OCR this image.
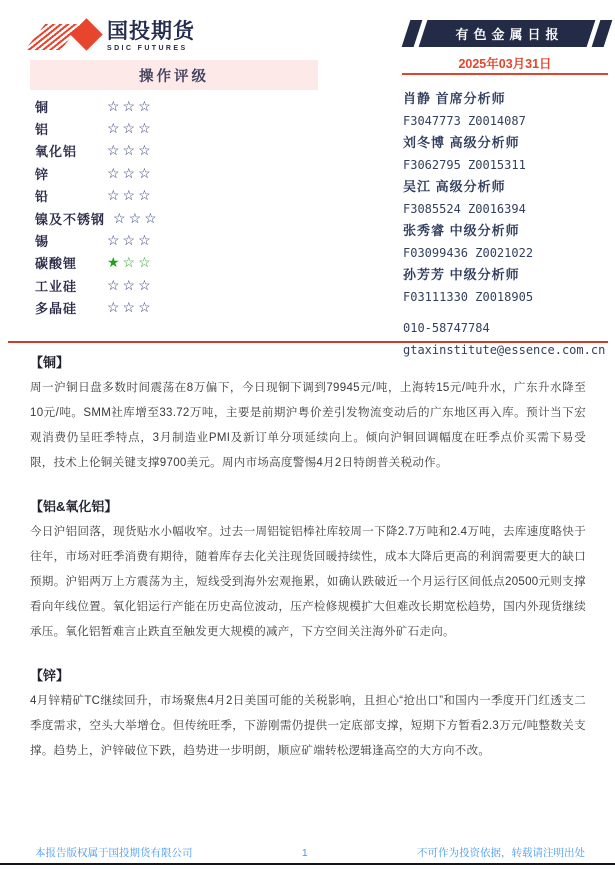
国投期货
SDIC FUTURES
有色金属日报
2025年03月31日
操作评级
铜	☆☆☆
铝	☆☆☆
氧化铝	☆☆☆
锌	☆☆☆
铅	☆☆☆
镍及不锈钢 ☆☆☆
锡	☆☆☆
碳酸锂	★☆☆
工业硅	☆☆☆
多晶硅	☆☆☆
肖静 首席分析师
F3047773 Z0014087
刘冬博 高级分析师
F3062795 Z0015311
吴江 高级分析师
F3085524 Z0016394
张秀睿 中级分析师
F03099436 Z0021022
孙芳芳 中级分析师
F03111330 Z0018905
010-58747784
gtaxinstitute@essence.com.cn
【铜】

周一沪铜日盘多数时间震荡在8万偏下，今日现铜下调到79945元/吨，上海转15元/吨升水，广东升水降至10元/吨。SMM社库增至33.72万吨，主要是前期沪粤价差引发物流变动后的广东地区再入库。预计当下宏观消费仍呈旺季特点，3月制造业PMI及新订单分项延续向上。倾向沪铜回调幅度在旺季点价买需下易受限，技术上伦铜关键支撑9700美元。周内市场高度警惕4月2日特朗普关税动作。

【铝&氧化铝】

今日沪铝回落，现货贴水小幅收窄。过去一周铝锭铝棒社库较周一下降2.7万吨和2.4万吨，去库速度略快于往年，市场对旺季消费有期待，随着库存去化关注现货回暖持续性，成本大降后更高的利润需要更大的缺口预期。沪铝两万上方震荡为主，短线受到海外宏观拖累，如确认跌破近一个月运行区间低点20500元则支撑看向年线位置。氧化铝运行产能在历史高位波动，压产检修规模扩大但难改长期宽松趋势，国内外现货继续承压。氧化铝暂难言止跌直至触发更大规模的减产，下方空间关注海外矿石走向。

【锌】

4月锌精矿TC继续回升，市场聚焦4月2日美国可能的关税影响，且担心“抢出口”和国内一季度开门红透支二季度需求，空头大举增仓。但传统旺季，下游刚需仍提供一定底部支撑，短期下方暂看2.3万元/吨整数关支撑。趋势上，沪锌破位下跌，趋势进一步明朗，顺应矿端转松逻辑逢高空的大方向不改。

本报告版权属于国投期货有限公司	1	不可作为投资依据，转载请注明出处
